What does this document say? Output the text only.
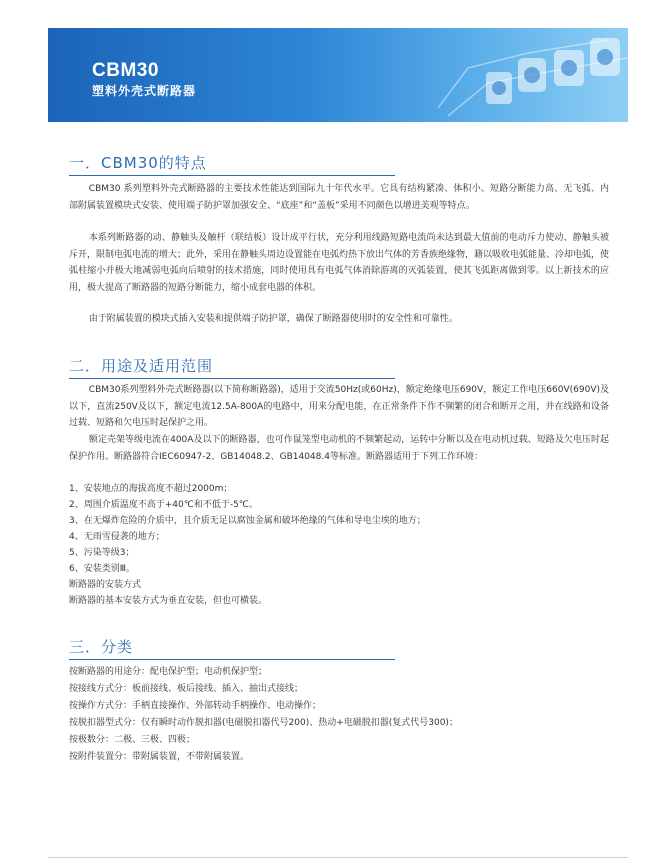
CBM30
塑料外壳式断路器
一．CBM30的特点

CBM30 系列塑料外壳式断路器的主要技术性能达到国际九十年代水平。它具有结构紧凑、体积小、短路分断能力高、无飞弧、内部附属装置模块式安装、使用端子防护罩加强安全、“底座”和“盖板”采用不同颜色以增进美观等特点。

本系列断路器的动、静触头及触杆（联结板）设计成平行状，充分利用线路短路电流尚未达到最大值前的电动斥力使动、静触头被斥开，限制电弧电流的增大；此外，采用在静触头周边设置能在电弧灼热下放出气体的芳香族绝缘物，籍以吸收电弧能量、冷却电弧，使弧柱缩小并极大地减弱电弧向后喷射的技术措施，同时使用具有电弧气体消除游离的灭弧装置，使其飞弧距离做到零。以上新技术的应用，极大提高了断路器的短路分断能力，缩小成套电器的体积。

由于附属装置的模块式插入安装和提供端子防护罩，确保了断路器使用时的安全性和可靠性。

二．用途及适用范围

CBM30系列塑料外壳式断路器(以下简称断路器)，适用于交流50Hz(或60Hz)，额定绝缘电压690V，额定工作电压660V(690V)及以下，直流250V及以下，额定电流12.5A-800A的电路中，用来分配电能，在正常条件下作不频繁的闭合和断开之用，并在线路和设备过载、短路和欠电压时起保护之用。

额定壳架等级电流在400A及以下的断路器，也可作鼠笼型电动机的不频繁起动，运转中分断以及在电动机过载、短路及欠电压时起保护作用。断路器符合IEC60947-2、GB14048.2、GB14048.4等标准。断路器适用于下列工作环境：

1、安装地点的海拔高度不超过2000m；

2、周围介质温度不高于+40℃和不低于-5℃。

3、在无爆炸危险的介质中，且介质无足以腐蚀金属和破坏绝缘的气体和导电尘埃的地方；

4、无雨雪侵袭的地方；

5、污染等级3；

6、安装类别Ⅲ。

断路器的安装方式

断路器的基本安装方式为垂直安装，但也可横装。

三．分类

按断路器的用途分：配电保护型；电动机保护型；

按接线方式分：板前接线、板后接线、插入、抽出式接线；

按操作方式分：手柄直接操作、外部转动手柄操作、电动操作；

按脱扣器型式分：仅有瞬时动作脱扣器(电磁脱扣器代号200)、热动+电磁脱扣器(复式代号300)；

按极数分：二极、三极、四极；

按附件装置分：带附属装置，不带附属装置。
